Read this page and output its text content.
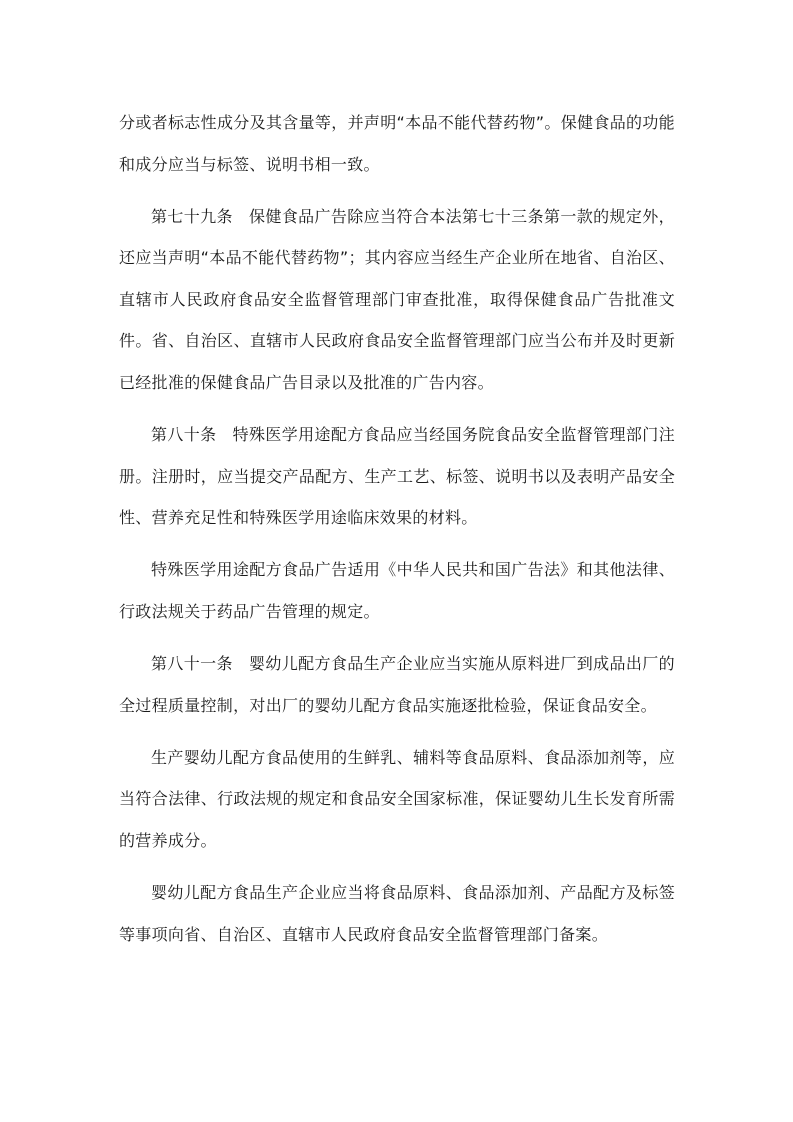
分或者标志性成分及其含量等，并声明“本品不能代替药物”。保健食品的功能和成分应当与标签、说明书相一致。

第七十九条 保健食品广告除应当符合本法第七十三条第一款的规定外，还应当声明“本品不能代替药物”；其内容应当经生产企业所在地省、自治区、直辖市人民政府食品安全监督管理部门审查批准，取得保健食品广告批准文件。省、自治区、直辖市人民政府食品安全监督管理部门应当公布并及时更新已经批准的保健食品广告目录以及批准的广告内容。

第八十条 特殊医学用途配方食品应当经国务院食品安全监督管理部门注册。注册时，应当提交产品配方、生产工艺、标签、说明书以及表明产品安全性、营养充足性和特殊医学用途临床效果的材料。

特殊医学用途配方食品广告适用《中华人民共和国广告法》和其他法律、行政法规关于药品广告管理的规定。

第八十一条 婴幼儿配方食品生产企业应当实施从原料进厂到成品出厂的全过程质量控制，对出厂的婴幼儿配方食品实施逐批检验，保证食品安全。

生产婴幼儿配方食品使用的生鲜乳、辅料等食品原料、食品添加剂等，应当符合法律、行政法规的规定和食品安全国家标准，保证婴幼儿生长发育所需的营养成分。

婴幼儿配方食品生产企业应当将食品原料、食品添加剂、产品配方及标签等事项向省、自治区、直辖市人民政府食品安全监督管理部门备案。
